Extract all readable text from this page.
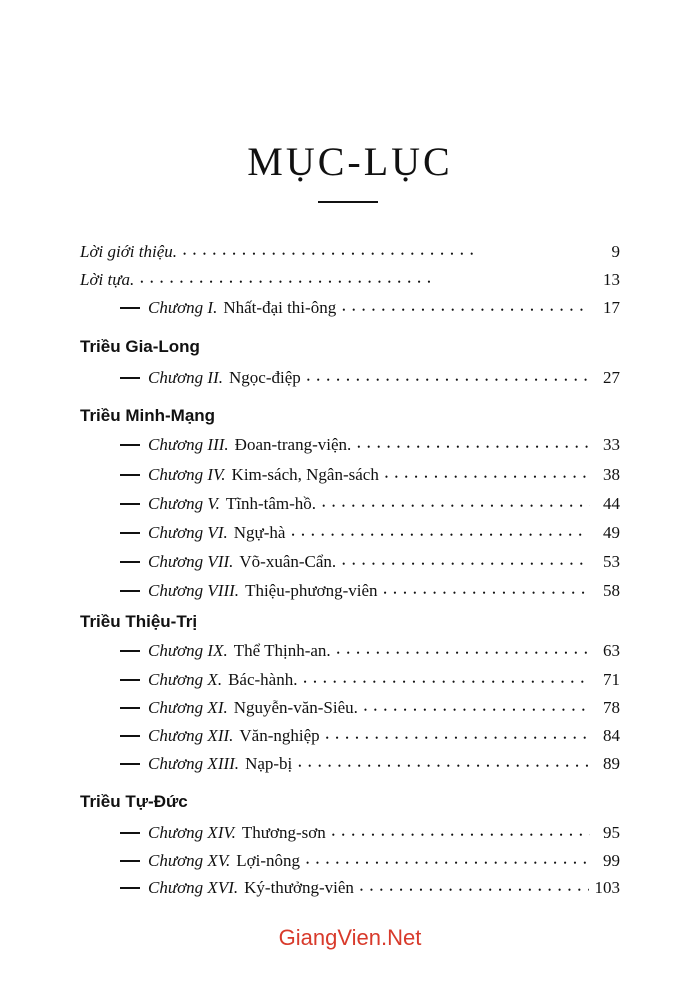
MỤC-LỤC
Lời giới thiệu. • •	9
Lời tựa. • •	13
Chương I. Nhất-đại thi-ông • •	17
Triều Gia-Long
Chương II. Ngọc-điệp • •	27
Triều Minh-Mạng
Chương III. Đoan-trang-viện. • •	33
Chương IV. Kim-sách, Ngân-sách • •	38
Chương V. Tĩnh-tâm-hồ. • •	44
Chương VI. Ngự-hà • •	49
Chương VII. Võ-xuân-Cẩn. • •	53
Chương VIII. Thiệu-phương-viên • •	58
Triều Thiệu-Trị
Chương IX. Thể Thịnh-an. • •	63
Chương X. Bác-hành. • •	71
Chương XI. Nguyễn-văn-Siêu. • •	78
Chương XII. Văn-nghiệp • •	84
Chương XIII. Nạp-bị • •	89
Triều Tự-Đức
Chương XIV. Thương-sơn • •	95
Chương XV. Lợi-nông • •	99
Chương XVI. Ký-thưởng-viên • •	103
GiangVien.Net
